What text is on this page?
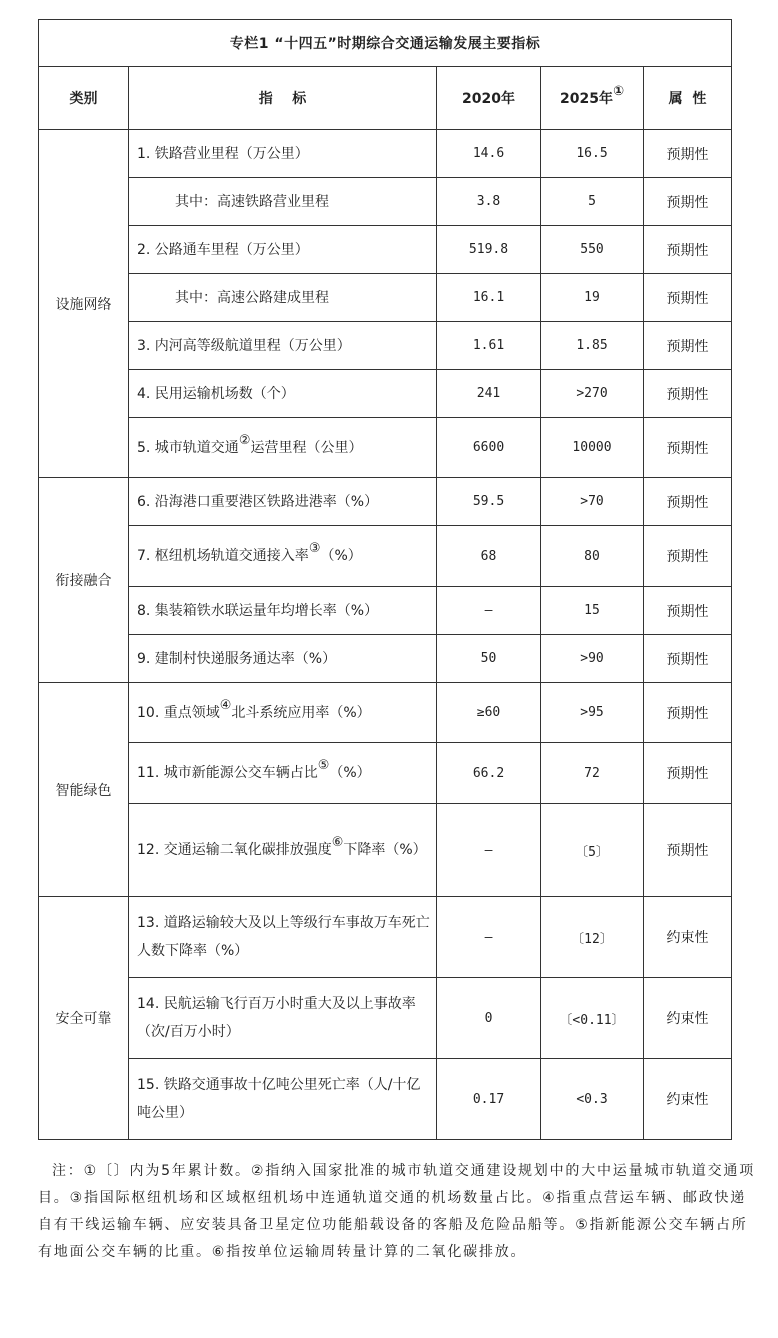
专栏1 “十四五”时期综合交通运输发展主要指标				
类别	指    标	2020年	2025年①	属  性
设施网络	1. 铁路营业里程（万公里）	14.6	16.5	预期性
	其中：高速铁路营业里程	3.8	5	预期性
	2. 公路通车里程（万公里）	519.8	550	预期性
	其中：高速公路建成里程	16.1	19	预期性
	3. 内河高等级航道里程（万公里）	1.61	1.85	预期性
	4. 民用运输机场数（个）	241	>270	预期性
	5. 城市轨道交通②运营里程（公里）	6600	10000	预期性
衔接融合	6. 沿海港口重要港区铁路进港率（%）	59.5	>70	预期性
	7. 枢纽机场轨道交通接入率③（%）	68	80	预期性
	8. 集装箱铁水联运量年均增长率（%）	—	15	预期性
	9. 建制村快递服务通达率（%）	50	>90	预期性
智能绿色	10. 重点领域④北斗系统应用率（%）	≥60	>95	预期性
	11. 城市新能源公交车辆占比⑤（%）	66.2	72	预期性
	12. 交通运输二氧化碳排放强度⑥下降率（%）	—	〔5〕	预期性
安全可靠	13. 道路运输较大及以上等级行车事故万车死亡人数下降率（%）	—	〔12〕	约束性
	14. 民航运输飞行百万小时重大及以上事故率（次/百万小时）	0	〔<0.11〕	约束性
	15. 铁路交通事故十亿吨公里死亡率（人/十亿吨公里）	0.17	<0.3	约束性
注：①〔〕内为5年累计数。②指纳入国家批准的城市轨道交通建设规划中的大中运量城市轨道交通项目。③指国际枢纽机场和区域枢纽机场中连通轨道交通的机场数量占比。④指重点营运车辆、邮政快递自有干线运输车辆、应安装具备卫星定位功能船载设备的客船及危险品船等。⑤指新能源公交车辆占所有地面公交车辆的比重。⑥指按单位运输周转量计算的二氧化碳排放。
